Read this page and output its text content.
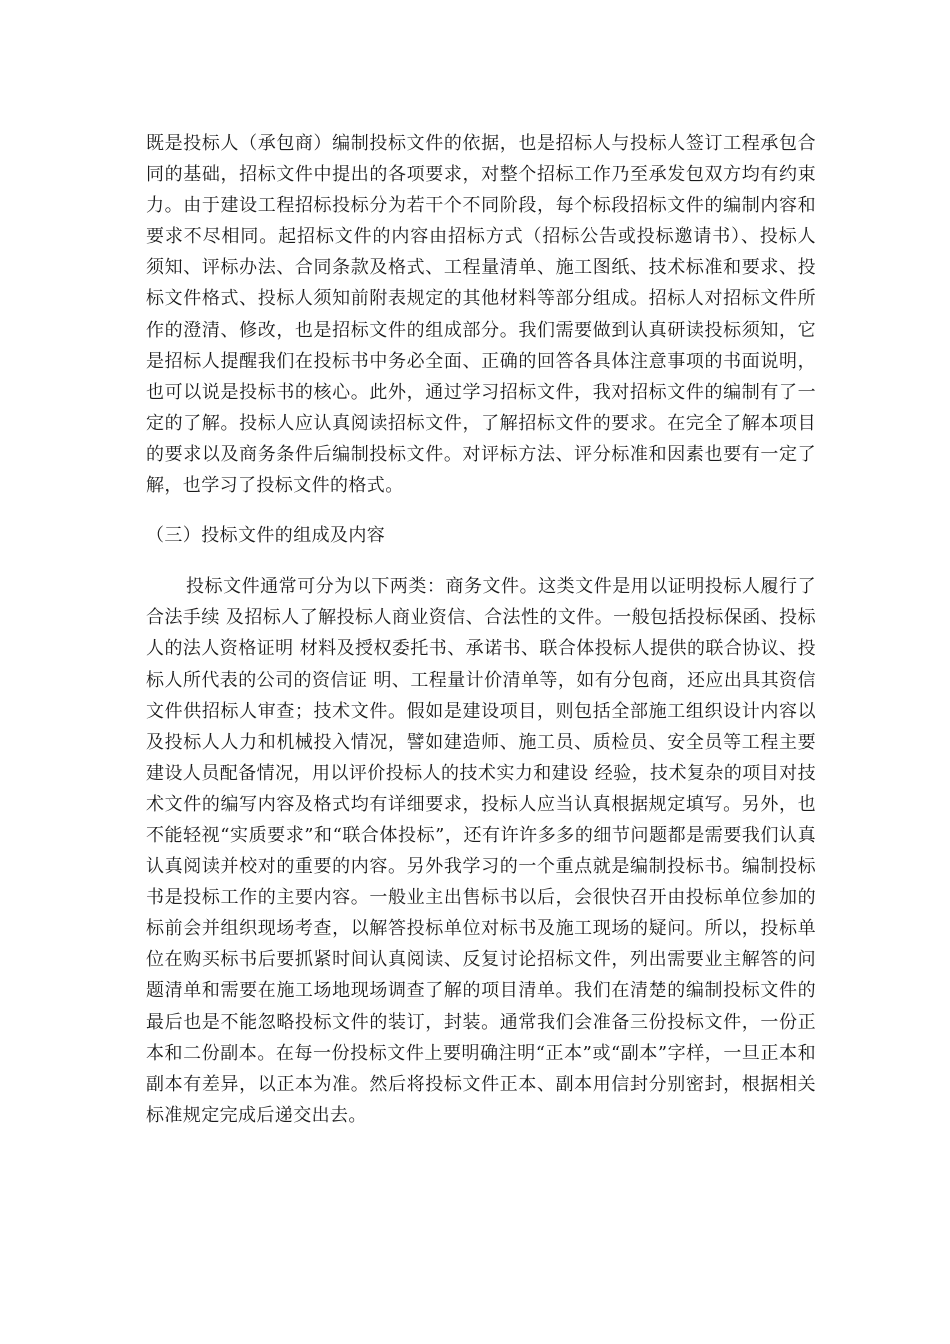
既是投标人（承包商）编制投标文件的依据，也是招标人与投标人签订工程承包合同的基础，招标文件中提出的各项要求，对整个招标工作乃至承发包双方均有约束力。由于建设工程招标投标分为若干个不同阶段，每个标段招标文件的编制内容和要求不尽相同。起招标文件的内容由招标方式（招标公告或投标邀请书）、投标人须知、评标办法、合同条款及格式、工程量清单、施工图纸、技术标准和要求、投标文件格式、投标人须知前附表规定的其他材料等部分组成。招标人对招标文件所作的澄清、修改，也是招标文件的组成部分。我们需要做到认真研读投标须知，它是招标人提醒我们在投标书中务必全面、正确的回答各具体注意事项的书面说明，也可以说是投标书的核心。此外，通过学习招标文件，我对招标文件的编制有了一定的了解。投标人应认真阅读招标文件，了解招标文件的要求。在完全了解本项目的要求以及商务条件后编制投标文件。对评标方法、评分标准和因素也要有一定了解，也学习了投标文件的格式。

（三）投标文件的组成及内容

投标文件通常可分为以下两类：商务文件。这类文件是用以证明投标人履行了合法手续 及招标人了解投标人商业资信、合法性的文件。一般包括投标保函、投标人的法人资格证明 材料及授权委托书、承诺书、联合体投标人提供的联合协议、投标人所代表的公司的资信证 明、工程量计价清单等，如有分包商，还应出具其资信文件供招标人审查；技术文件。假如是建设项目，则包括全部施工组织设计内容以及投标人人力和机械投入情况，譬如建造师、施工员、质检员、安全员等工程主要建设人员配备情况，用以评价投标人的技术实力和建设 经验，技术复杂的项目对技术文件的编写内容及格式均有详细要求，投标人应当认真根据规定填写。另外，也不能轻视“实质要求”和“联合体投标”，还有许许多多的细节问题都是需要我们认真认真阅读并校对的重要的内容。另外我学习的一个重点就是编制投标书。编制投标书是投标工作的主要内容。一般业主出售标书以后，会很快召开由投标单位参加的标前会并组织现场考查，以解答投标单位对标书及施工现场的疑问。所以，投标单位在购买标书后要抓紧时间认真阅读、反复讨论招标文件，列出需要业主解答的问题清单和需要在施工场地现场调查了解的项目清单。我们在清楚的编制投标文件的最后也是不能忽略投标文件的装订，封装。通常我们会准备三份投标文件，一份正本和二份副本。在每一份投标文件上要明确注明“正本”或“副本”字样，一旦正本和副本有差异，以正本为准。然后将投标文件正本、副本用信封分别密封，根据相关标准规定完成后递交出去。
